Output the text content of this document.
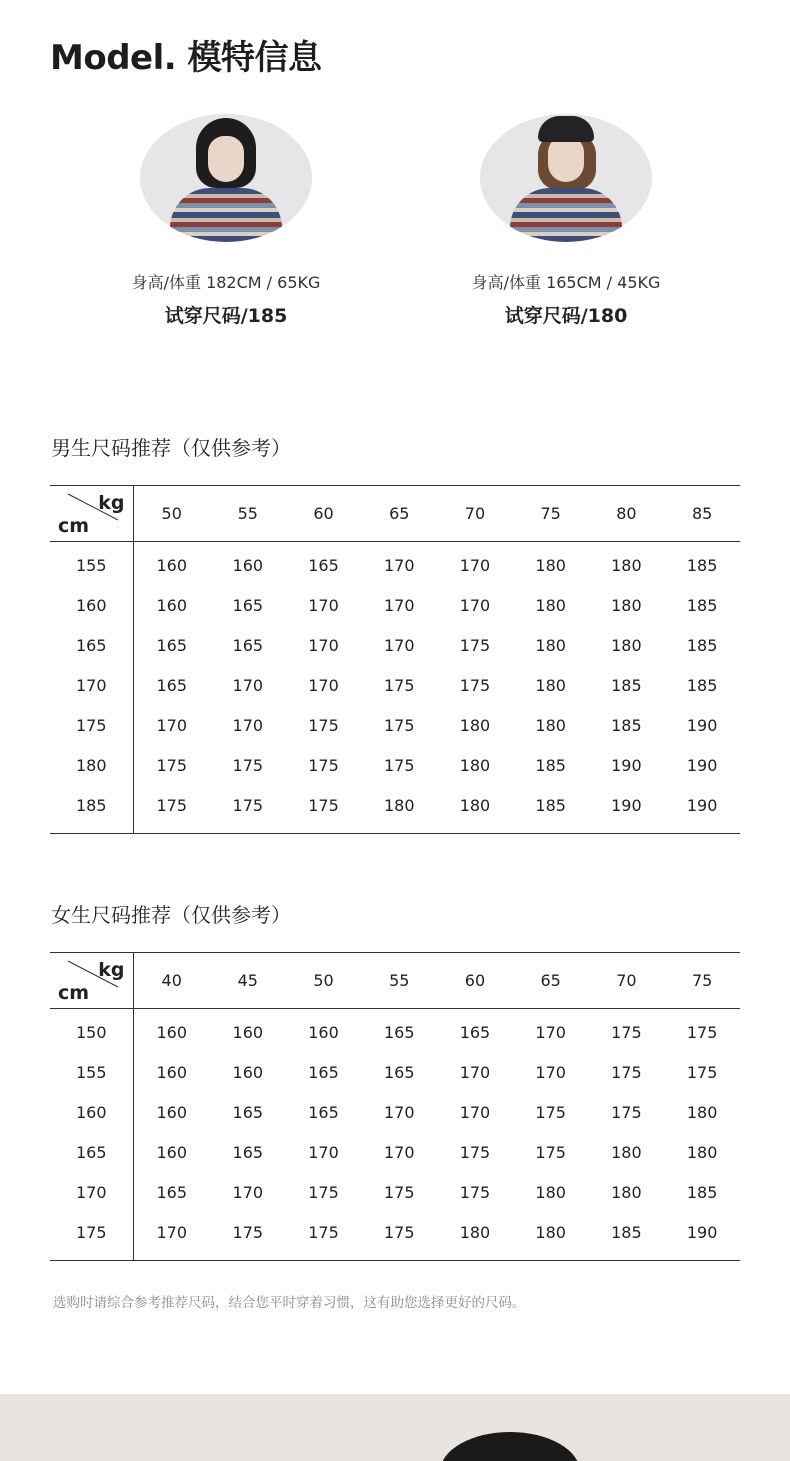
Model. 模特信息
身高/体重 182CM / 65KG
试穿尺码/185
身高/体重 165CM / 45KG
试穿尺码/180
男生尺码推荐（仅供参考）
kg
cm	50	55	60	65	70	75	80	85
155	160	160	165	170	170	180	180	185
160	160	165	170	170	170	180	180	185
165	165	165	170	170	175	180	180	185
170	165	170	170	175	175	180	185	185
175	170	170	175	175	180	180	185	190
180	175	175	175	175	180	185	190	190
185	175	175	175	180	180	185	190	190
女生尺码推荐（仅供参考）
kg
cm	40	45	50	55	60	65	70	75
150	160	160	160	165	165	170	175	175
155	160	160	165	165	170	170	175	175
160	160	165	165	170	170	175	175	180
165	160	165	170	170	175	175	180	180
170	165	170	175	175	175	180	180	185
175	170	175	175	175	180	180	185	190
选购时请综合参考推荐尺码，结合您平时穿着习惯，这有助您选择更好的尺码。
